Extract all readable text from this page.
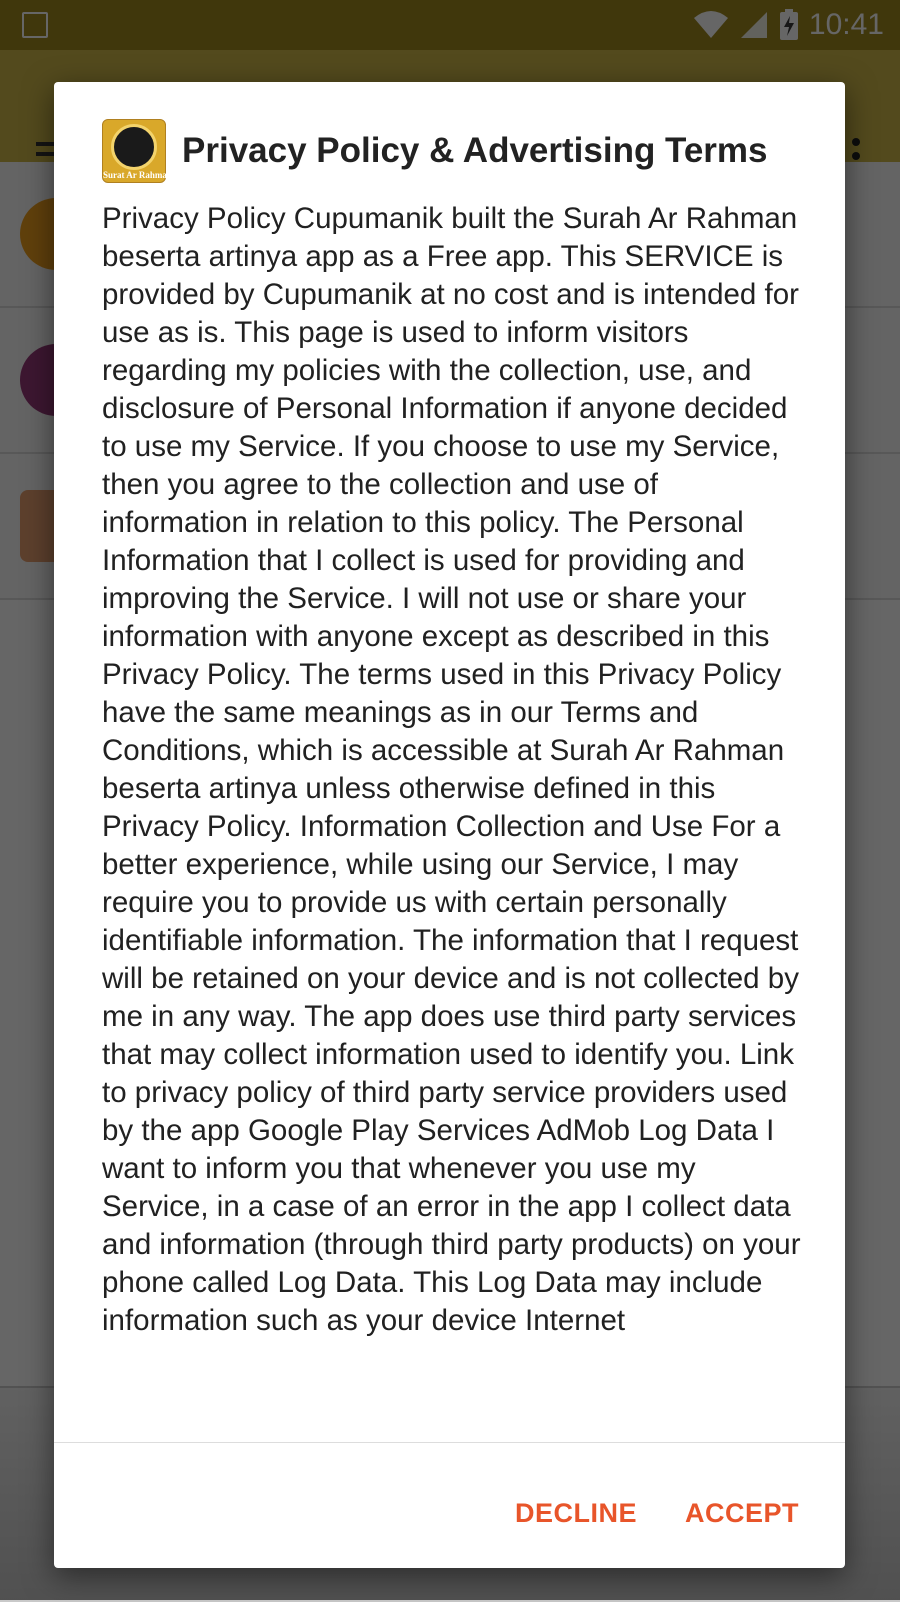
Surat Ar Rahman
Privacy Policy & Advertising Terms

Privacy Policy Cupumanik built the Surah Ar Rahman beserta artinya app as a Free app. This SERVICE is provided by Cupumanik at no cost and is intended for use as is. This page is used to inform visitors regarding my policies with the collection, use, and disclosure of Personal Information if anyone decided to use my Service. If you choose to use my Service, then you agree to the collection and use of information in relation to this policy. The Personal Information that I collect is used for providing and improving the Service. I will not use or share your information with anyone except as described in this Privacy Policy. The terms used in this Privacy Policy have the same meanings as in our Terms and Conditions, which is accessible at Surah Ar Rahman beserta artinya unless otherwise defined in this Privacy Policy. Information Collection and Use For a better experience, while using our Service, I may require you to provide us with certain personally identifiable information. The information that I request will be retained on your device and is not collected by me in any way. The app does use third party services that may collect information used to identify you. Link to privacy policy of third party service providers used by the app Google Play Services AdMob Log Data I want to inform you that whenever you use my Service, in a case of an error in the app I collect data and information (through third party products) on your phone called Log Data. This Log Data may include information such as your device Internet

DECLINE ACCEPT
